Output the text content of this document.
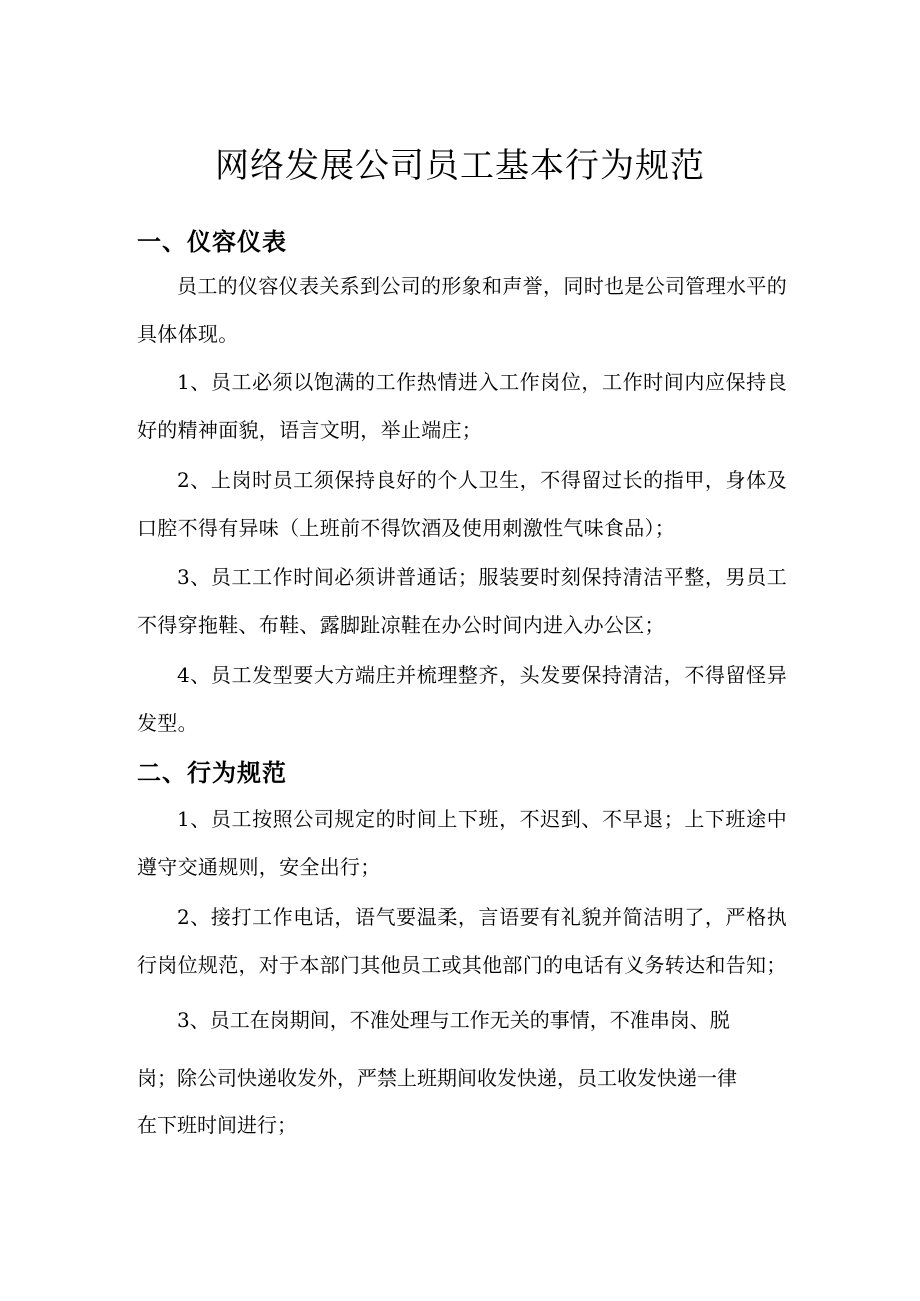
网络发展公司员工基本行为规范
一、仪容仪表

员工的仪容仪表关系到公司的形象和声誉，同时也是公司管理水平的具体体现。

1、员工必须以饱满的工作热情进入工作岗位，工作时间内应保持良好的精神面貌，语言文明，举止端庄；

2、上岗时员工须保持良好的个人卫生，不得留过长的指甲，身体及口腔不得有异味（上班前不得饮酒及使用刺激性气味食品）；

3、员工工作时间必须讲普通话；服装要时刻保持清洁平整，男员工不得穿拖鞋、布鞋、露脚趾凉鞋在办公时间内进入办公区；

4、员工发型要大方端庄并梳理整齐，头发要保持清洁，不得留怪异发型。

二、行为规范

1、员工按照公司规定的时间上下班，不迟到、不早退；上下班途中遵守交通规则，安全出行；

2、接打工作电话，语气要温柔，言语要有礼貌并简洁明了，严格执行岗位规范，对于本部门其他员工或其他部门的电话有义务转达和告知；

3、员工在岗期间，不准处理与工作无关的事情，不准串岗、脱

岗；除公司快递收发外，严禁上班期间收发快递，员工收发快递一律

在下班时间进行；
